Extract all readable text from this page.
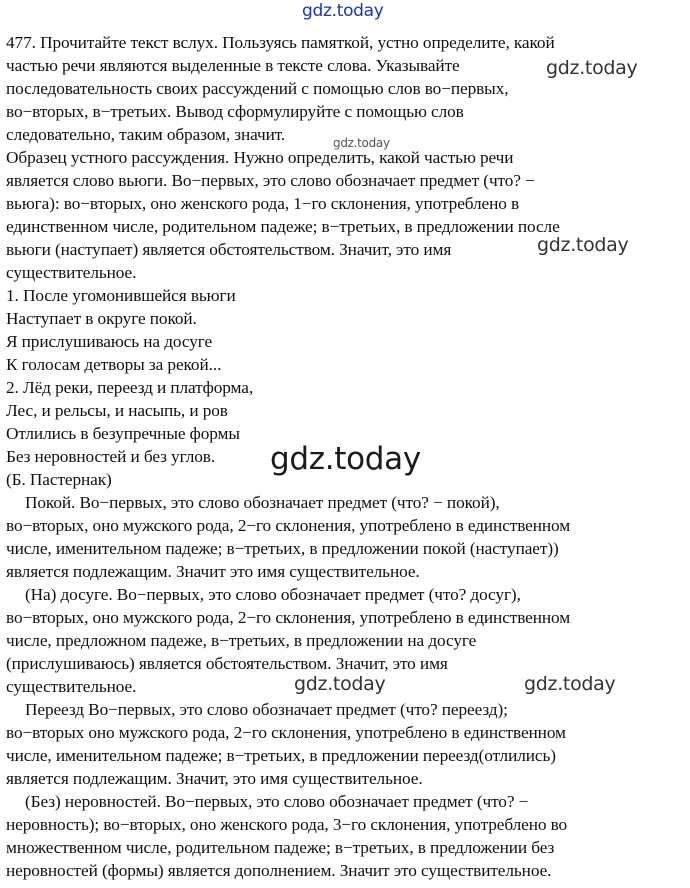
gdz.today
477. Прочитайте текст вслух. Пользуясь памяткой, устно определите, какой
частью речи являются выделенные в тексте слова. Указывайте
последовательность своих рассуждений с помощью слов во−первых,
во−вторых, в−третьих. Вывод сформулируйте с помощью слов
следовательно, таким образом, значит.
Образец устного рассуждения. Нужно определить, какой частью речи
является слово вьюги. Во−первых, это слово обозначает предмет (что? −
вьюга): во−вторых, оно женского рода, 1−го склонения, употреблено в
единственном числе, родительном падеже; в−третьих, в предложении после
вьюги (наступает) является обстоятельством. Значит, это имя
существительное.
1. После угомонившейся вьюги
Наступает в округе покой.
Я прислушиваюсь на досуге
К голосам детворы за рекой...
2. Лёд реки, переезд и платформа,
Лес, и рельсы, и насыпь, и ров
Отлились в безупречные формы
Без неровностей и без углов.
(Б. Пастернак)
Покой. Во−первых, это слово обозначает предмет (что? − покой),
во−вторых, оно мужского рода, 2−го склонения, употреблено в единственном
числе, именительном падеже; в−третьих, в предложении покой (наступает))
является подлежащим. Значит это имя существительное.
(На) досуге. Во−первых, это слово обозначает предмет (что? досуг),
во−вторых, оно мужского рода, 2−го склонения, употреблено в единственном
числе, предложном падеже, в−третьих, в предложении на досуге
(прислушиваюсь) является обстоятельством. Значит, это имя
существительное.
Переезд Во−первых, это слово обозначает предмет (что? переезд);
во−вторых оно мужского рода, 2−го склонения, употреблено в единственном
числе, именительном падеже; в−третьих, в предложении переезд(отлились)
является подлежащим. Значит, это имя существительное.
(Без) неровностей. Во−первых, это слово обозначает предмет (что? −
неровность); во−вторых, оно женского рода, 3−го склонения, употреблено во
множественном числе, родительном падеже; в−третьих, в предложении без
неровностей (формы) является дополнением. Значит это существительное.
gdz.today
gdz.today
gdz.today
gdz.today
gdz.today	gdz.today
